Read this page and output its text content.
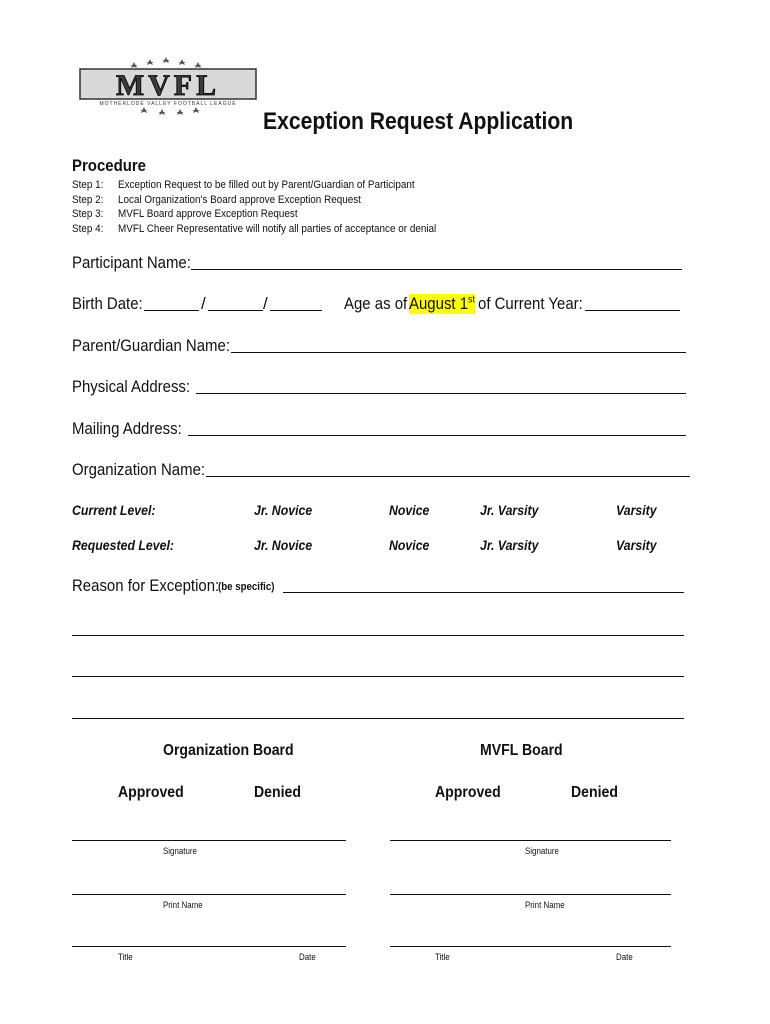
MVFL
MOTHERLODE VALLEY FOOTBALL LEAGUE
Exception Request Application
Procedure
Step 1:	Exception Request to be filled out by Parent/Guardian of Participant
Step 2:	Local Organization's Board approve Exception Request
Step 3:	MVFL Board approve Exception Request
Step 4:	MVFL Cheer Representative will notify all parties of acceptance or denial
Participant Name:
Birth Date:	/	/	Age as of August 1st of Current Year:
Parent/Guardian Name:
Physical Address:
Mailing Address:
Organization Name:
Current Level:	Jr. Novice	Novice	Jr. Varsity	Varsity
Requested Level:	Jr. Novice	Novice	Jr. Varsity	Varsity
Reason for Exception:
(be specific)
Organization Board	MVFL Board
Approved	Denied	Approved	Denied
Signature	Signature
Print Name	Print Name
Title	Date	Title	Date
